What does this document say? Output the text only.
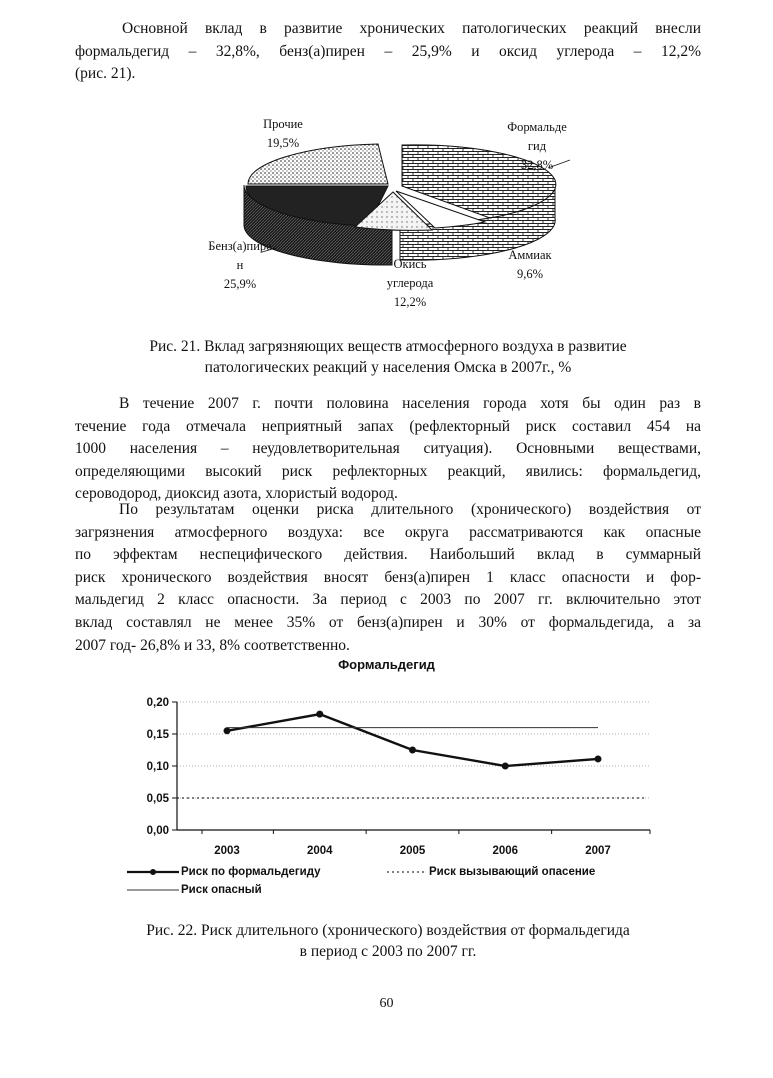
Основной вклад в развитие хронических патологических реакций внесли
формальдегид – 32,8%, бенз(а)пирен – 25,9% и оксид углерода – 12,2%
(рис. 21).
Прочие
19,5%
Формальде
гид
32,8%
Бенз(а)пире
н
25,9%
Окись
углерода
12,2%
Аммиак
9,6%
Рис. 21. Вклад загрязняющих веществ атмосферного воздуха в развитие
патологических реакций у населения Омска в 2007г., %
В течение 2007 г. почти половина населения города хотя бы один раз в
течение года отмечала неприятный запах (рефлекторный риск составил 454 на
1000 населения – неудовлетворительная ситуация). Основными веществами,
определяющими высокий риск рефлекторных реакций, явились: формальдегид,
сероводород, диоксид азота, хлористый водород.
По результатам оценки риска длительного (хронического) воздействия от
загрязнения атмосферного воздуха: все округа рассматриваются как опасные
по эффектам неспецифического действия. Наибольший вклад в суммарный
риск хронического воздействия вносят бенз(а)пирен 1 класс опасности и фор-
мальдегид 2 класс опасности. За период с 2003 по 2007 гг. включительно этот
вклад составлял не менее 35% от бенз(а)пирен и 30% от формальдегида, а за
2007 год- 26,8% и 33, 8% соответственно.
Формальдегид
0,00
0,05
0,10
0,15
0,20
2003	2004	2005	2006	2007
Риск по формальдегиду	Риск вызывающий опасение
Риск опасный
Рис. 22. Риск длительного (хронического) воздействия от формальдегида
в период с 2003 по 2007 гг.
60
